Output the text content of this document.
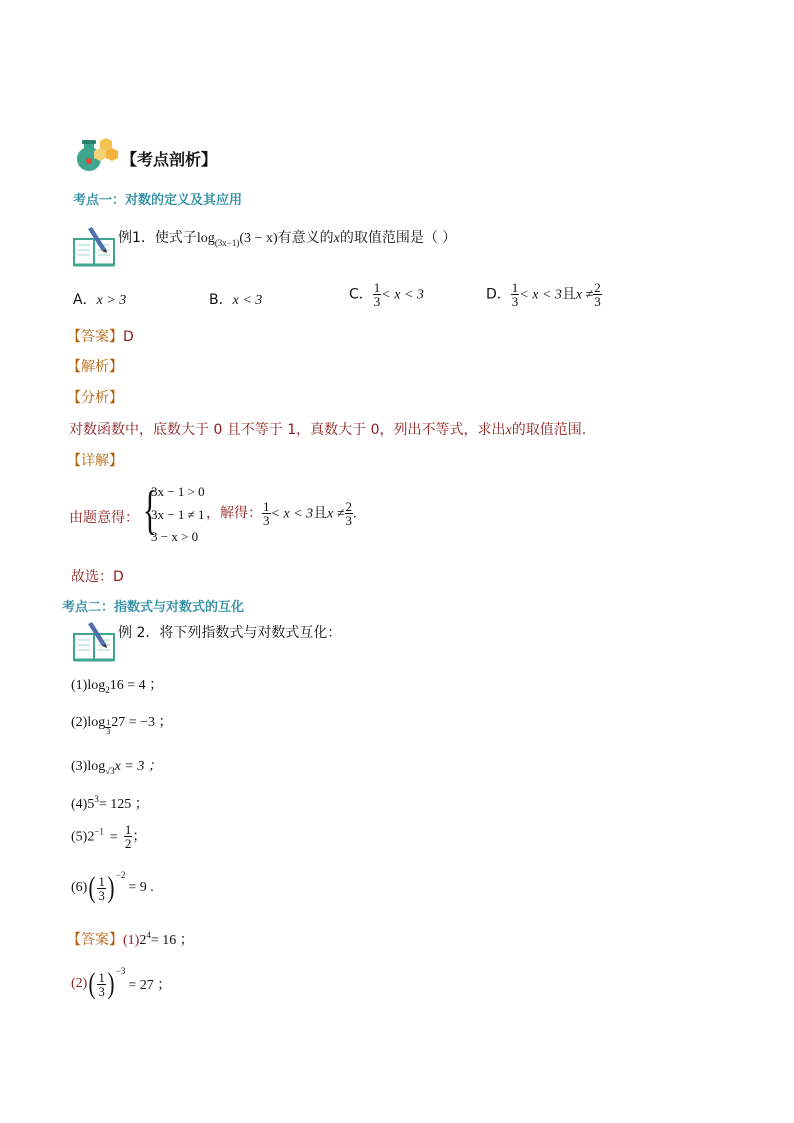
【考点剖析】
考点一：对数的定义及其应用
例1．使式子$\log_{(3x-1)}(3 - x)$有意义的x的取值范围是（ ）
A．x > 3	B．x < 3	C． $\frac{1}{3} < x < 3$	D． $\frac{1}{3} < x < 3$且$x \ne \frac{2}{3}$
【答案】D
【解析】
【分析】
对数函数中，底数大于 0 且不等于 1，真数大于 0，列出不等式，求出x的取值范围.
【详解】
由题意得： {
3x − 1 > 0
3x − 1 ≠ 1
3 − x > 0
，解得： $\frac{1}{3} < x < 3$且$x \ne \frac{2}{3}$ .
故选：D
考点二：指数式与对数式的互化
例 2．将下列指数式与对数式互化：
$(1)\log_216 = 4$ ；
$(2)\log \frac{1}{3} 27 = -3$ ；
$(3)\log_{√3}x = 3$ ；
$(4)5^3= 125$ ；
$(5)2^{-1} = \frac{1}{2}$ ；
$(6)( \frac{1}{3}$ ) $^{-2}$= 9 .
【答案】$(1)2^4= 16$ ；
$(2)( \frac{1}{3}$ ) $^{-3}$= 27 ；
